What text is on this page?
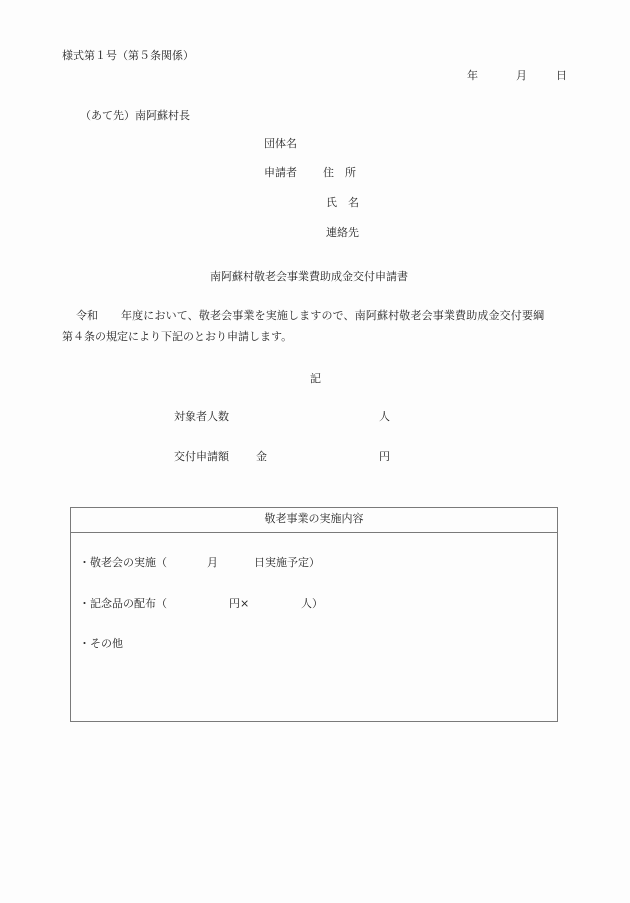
様式第１号（第５条関係）
年	月	日
（あて先）南阿蘇村長
団体名
申請者 住　所
氏　名
連絡先
南阿蘇村敬老会事業費助成金交付申請書
令和 年度において、敬老会事業を実施しますので、南阿蘇村敬老会事業費助成金交付要綱
第４条の規定により下記のとおり申請します。
記
対象者人数	人
交付申請額 金	円
敬老事業の実施内容
・敬老会の実施（	月	日実施予定）
・記念品の配布（	円×	人）
・その他
